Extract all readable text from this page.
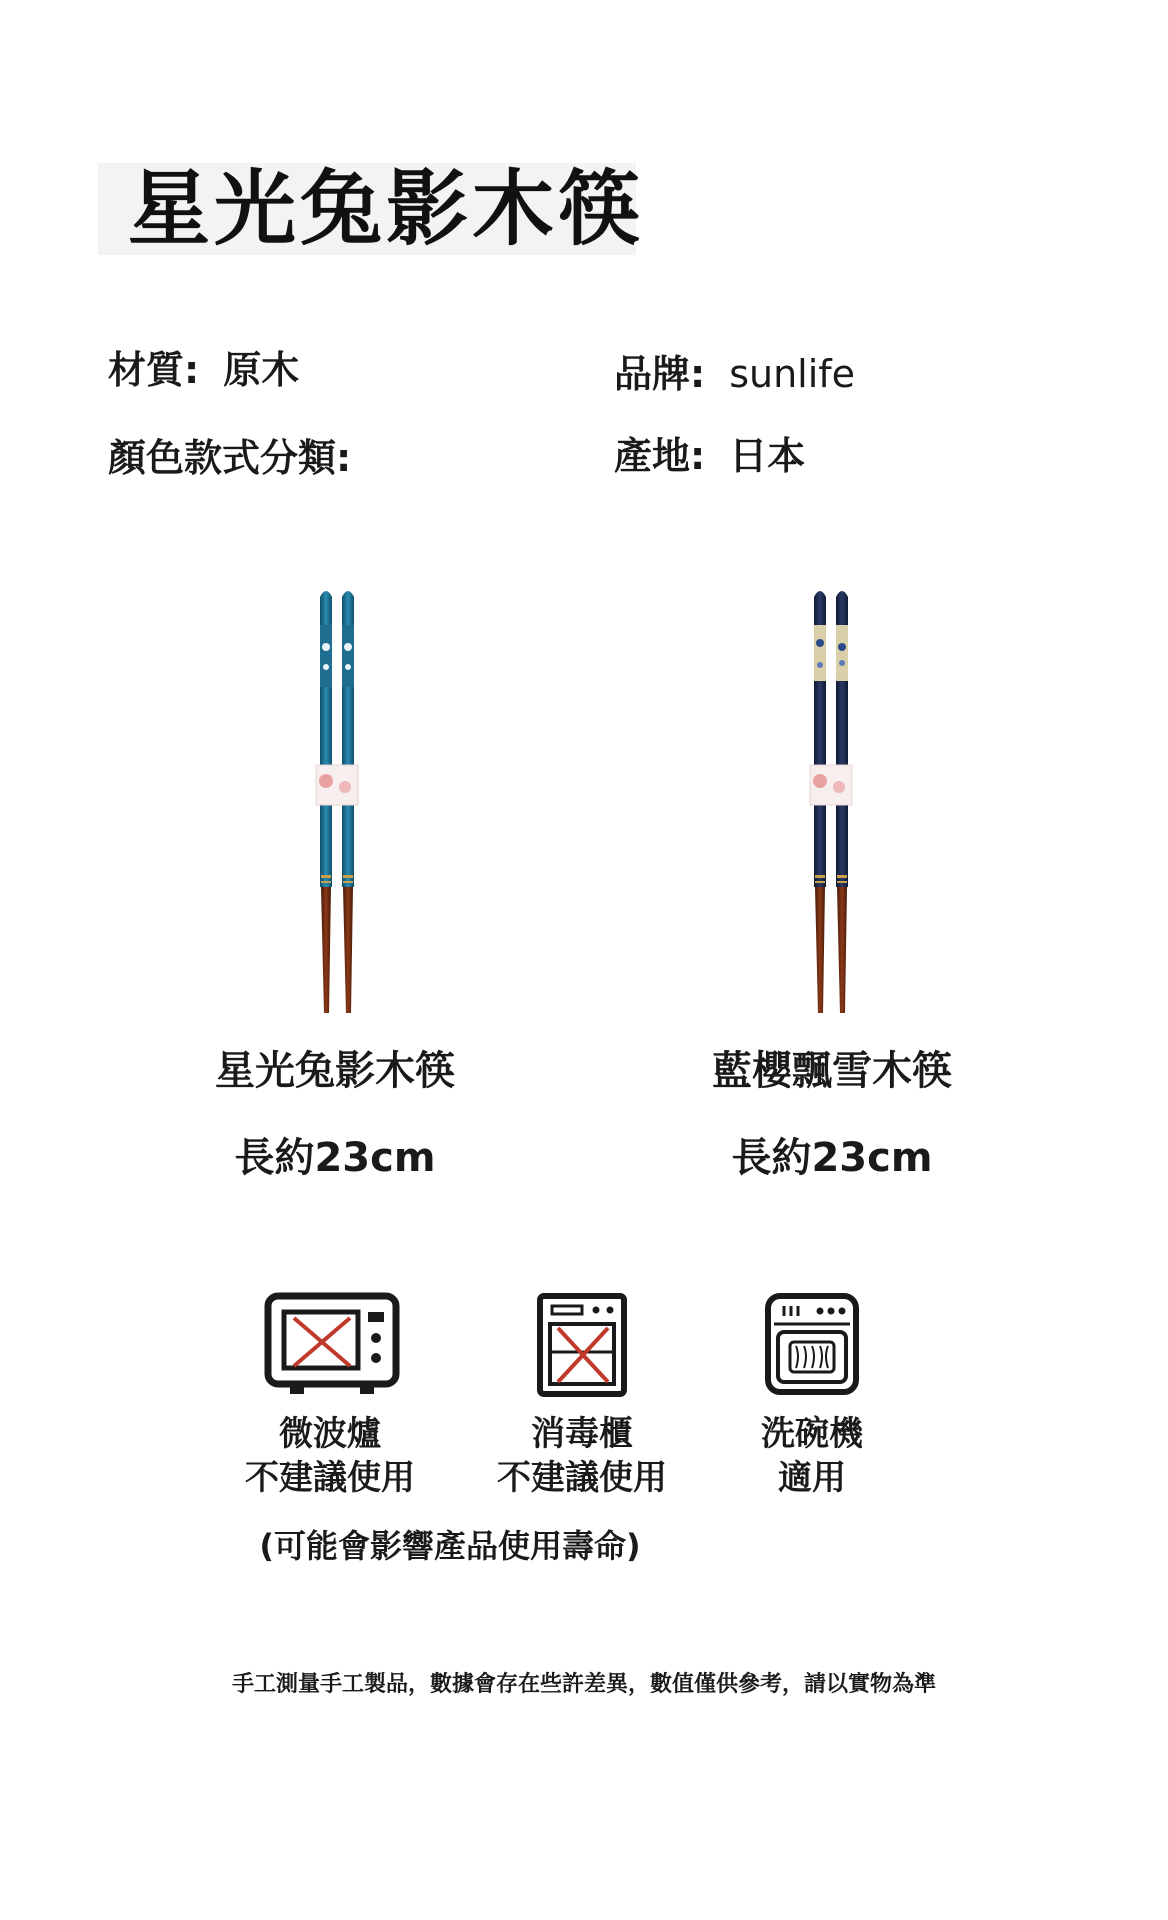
星光兔影木筷
材質: 原木	品牌: sunlife
顏色款式分類:	產地: 日本
星光兔影木筷
長約23cm
藍櫻飄雪木筷
長約23cm
微波爐
不建議使用
消毒櫃
不建議使用
洗碗機
適用
(可能會影響產品使用壽命)
手工測量手工製品，數據會存在些許差異，數值僅供參考，請以實物為準
